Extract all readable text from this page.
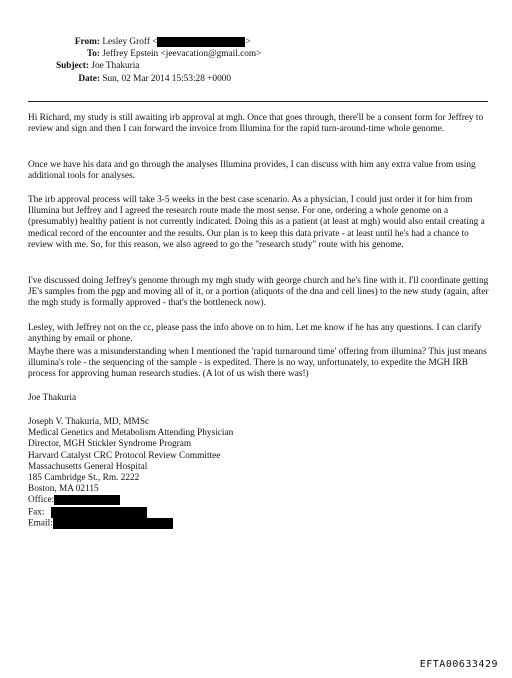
From: Lesley Groff <	>
To: Jeffrey Epstein <jeevacation@gmail.com>
Subject: Joe Thakuria
Date: Sun, 02 Mar 2014 15:53:28 +0000

Hi Richard, my study is still awaiting irb approval at mgh. Once that goes through, there'll be a consent form for Jeffrey to review and sign and then I can forward the invoice from Illumina for the rapid turn-around-time whole genome.

Once we have his data and go through the analyses Illumina provides, I can discuss with him any extra value from using additional tools for analyses.

The irb approval process will take 3-5 weeks in the best case scenario. As a physician, I could just order it for him from Illumina but Jeffrey and I agreed the research route made the most sense. For one, ordering a whole genome on a (presumably) healthy patient is not currently indicated. Doing this as a patient (at least at mgh) would also entail creating a medical record of the encounter and the results. Our plan is to keep this data private - at least until he's had a chance to review with me. So, for this reason, we also agreed to go the "research study" route with his genome.

I've discussed doing Jeffrey's genome through my mgh study with george church and he's fine with it. I'll coordinate getting JE's samples from the pgp and moving all of it, or a portion (aliquots of the dna and cell lines) to the new study (again, after the mgh study is formally approved - that's the bottleneck now).

Lesley, with Jeffrey not on the cc, please pass the info above on to him. Let me know if he has any questions. I can clarify anything by email or phone.

Maybe there was a misunderstanding when I mentioned the 'rapid turnaround time' offering from illumina? This just means illumina's role - the sequencing of the sample - is expedited. There is no way, unfortunately, to expedite the MGH IRB process for approving human research studies. (A lot of us wish there was!)

Joe Thakuria

Joseph V. Thakuria, MD, MMSc
Medical Genetics and Metabolism Attending Physician
Director, MGH Stickler Syndrome Program
Harvard Catalyst CRC Protocol Review Committee
Massachusetts General Hospital
185 Cambridge St., Rm. 2222
Boston, MA 02115
Office:
Fax:
Email:
EFTA00633429
